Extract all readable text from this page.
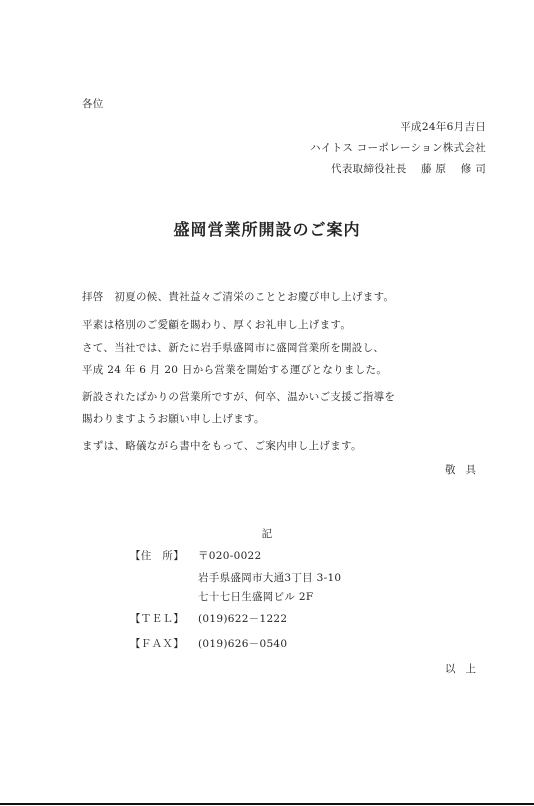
各位
平成24年6月吉日
ハイトス コーポレーション株式会社
代表取締役社長　 藤 原 　修 司
盛岡営業所開設のご案内
拝啓　初夏の候、貴社益々ご清栄のこととお慶び申し上げます。
平素は格別のご愛顧を賜わり、厚くお礼申し上げます。
さて、当社では、新たに岩手県盛岡市に盛岡営業所を開設し、
平成 24 年 6 月 20 日から営業を開始する運びとなりました。
新設されたばかりの営業所ですが、何卒、温かいご支援ご指導を
賜わりますようお願い申し上げます。
まずは、略儀ながら書中をもって、ご案内申し上げます。
敬具
記
【住　所】 〒020-0022
岩手県盛岡市大通3丁目 3-10
七十七日生盛岡ビル 2F
【ＴＥＬ】 (019)622－1222
【ＦＡＸ】 (019)626－0540
以上
